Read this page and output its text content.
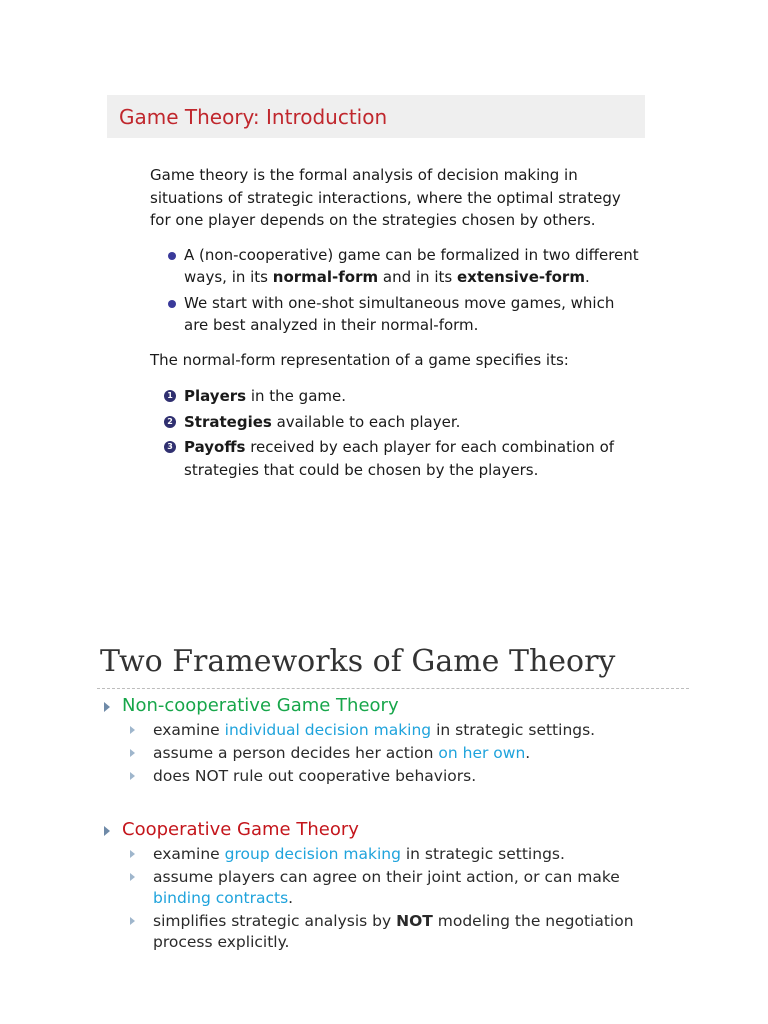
Game Theory: Introduction

Game theory is the formal analysis of decision making in situations of strategic interactions, where the optimal strategy for one player depends on the strategies chosen by others.

A (non-cooperative) game can be formalized in two different ways, in its normal-form and in its extensive-form.
We start with one-shot simultaneous move games, which are best analyzed in their normal-form.

The normal-form representation of a game specifies its:

1 Players in the game.
2 Strategies available to each player.
3 Payoffs received by each player for each combination of strategies that could be chosen by the players.
Two Frameworks of Game Theory
Non-cooperative Game Theory
examine individual decision making in strategic settings.
assume a person decides her action on her own.
does NOT rule out cooperative behaviors.
Cooperative Game Theory
examine group decision making in strategic settings.
assume players can agree on their joint action, or can make binding contracts.
simplifies strategic analysis by NOT modeling the negotiation process explicitly.
